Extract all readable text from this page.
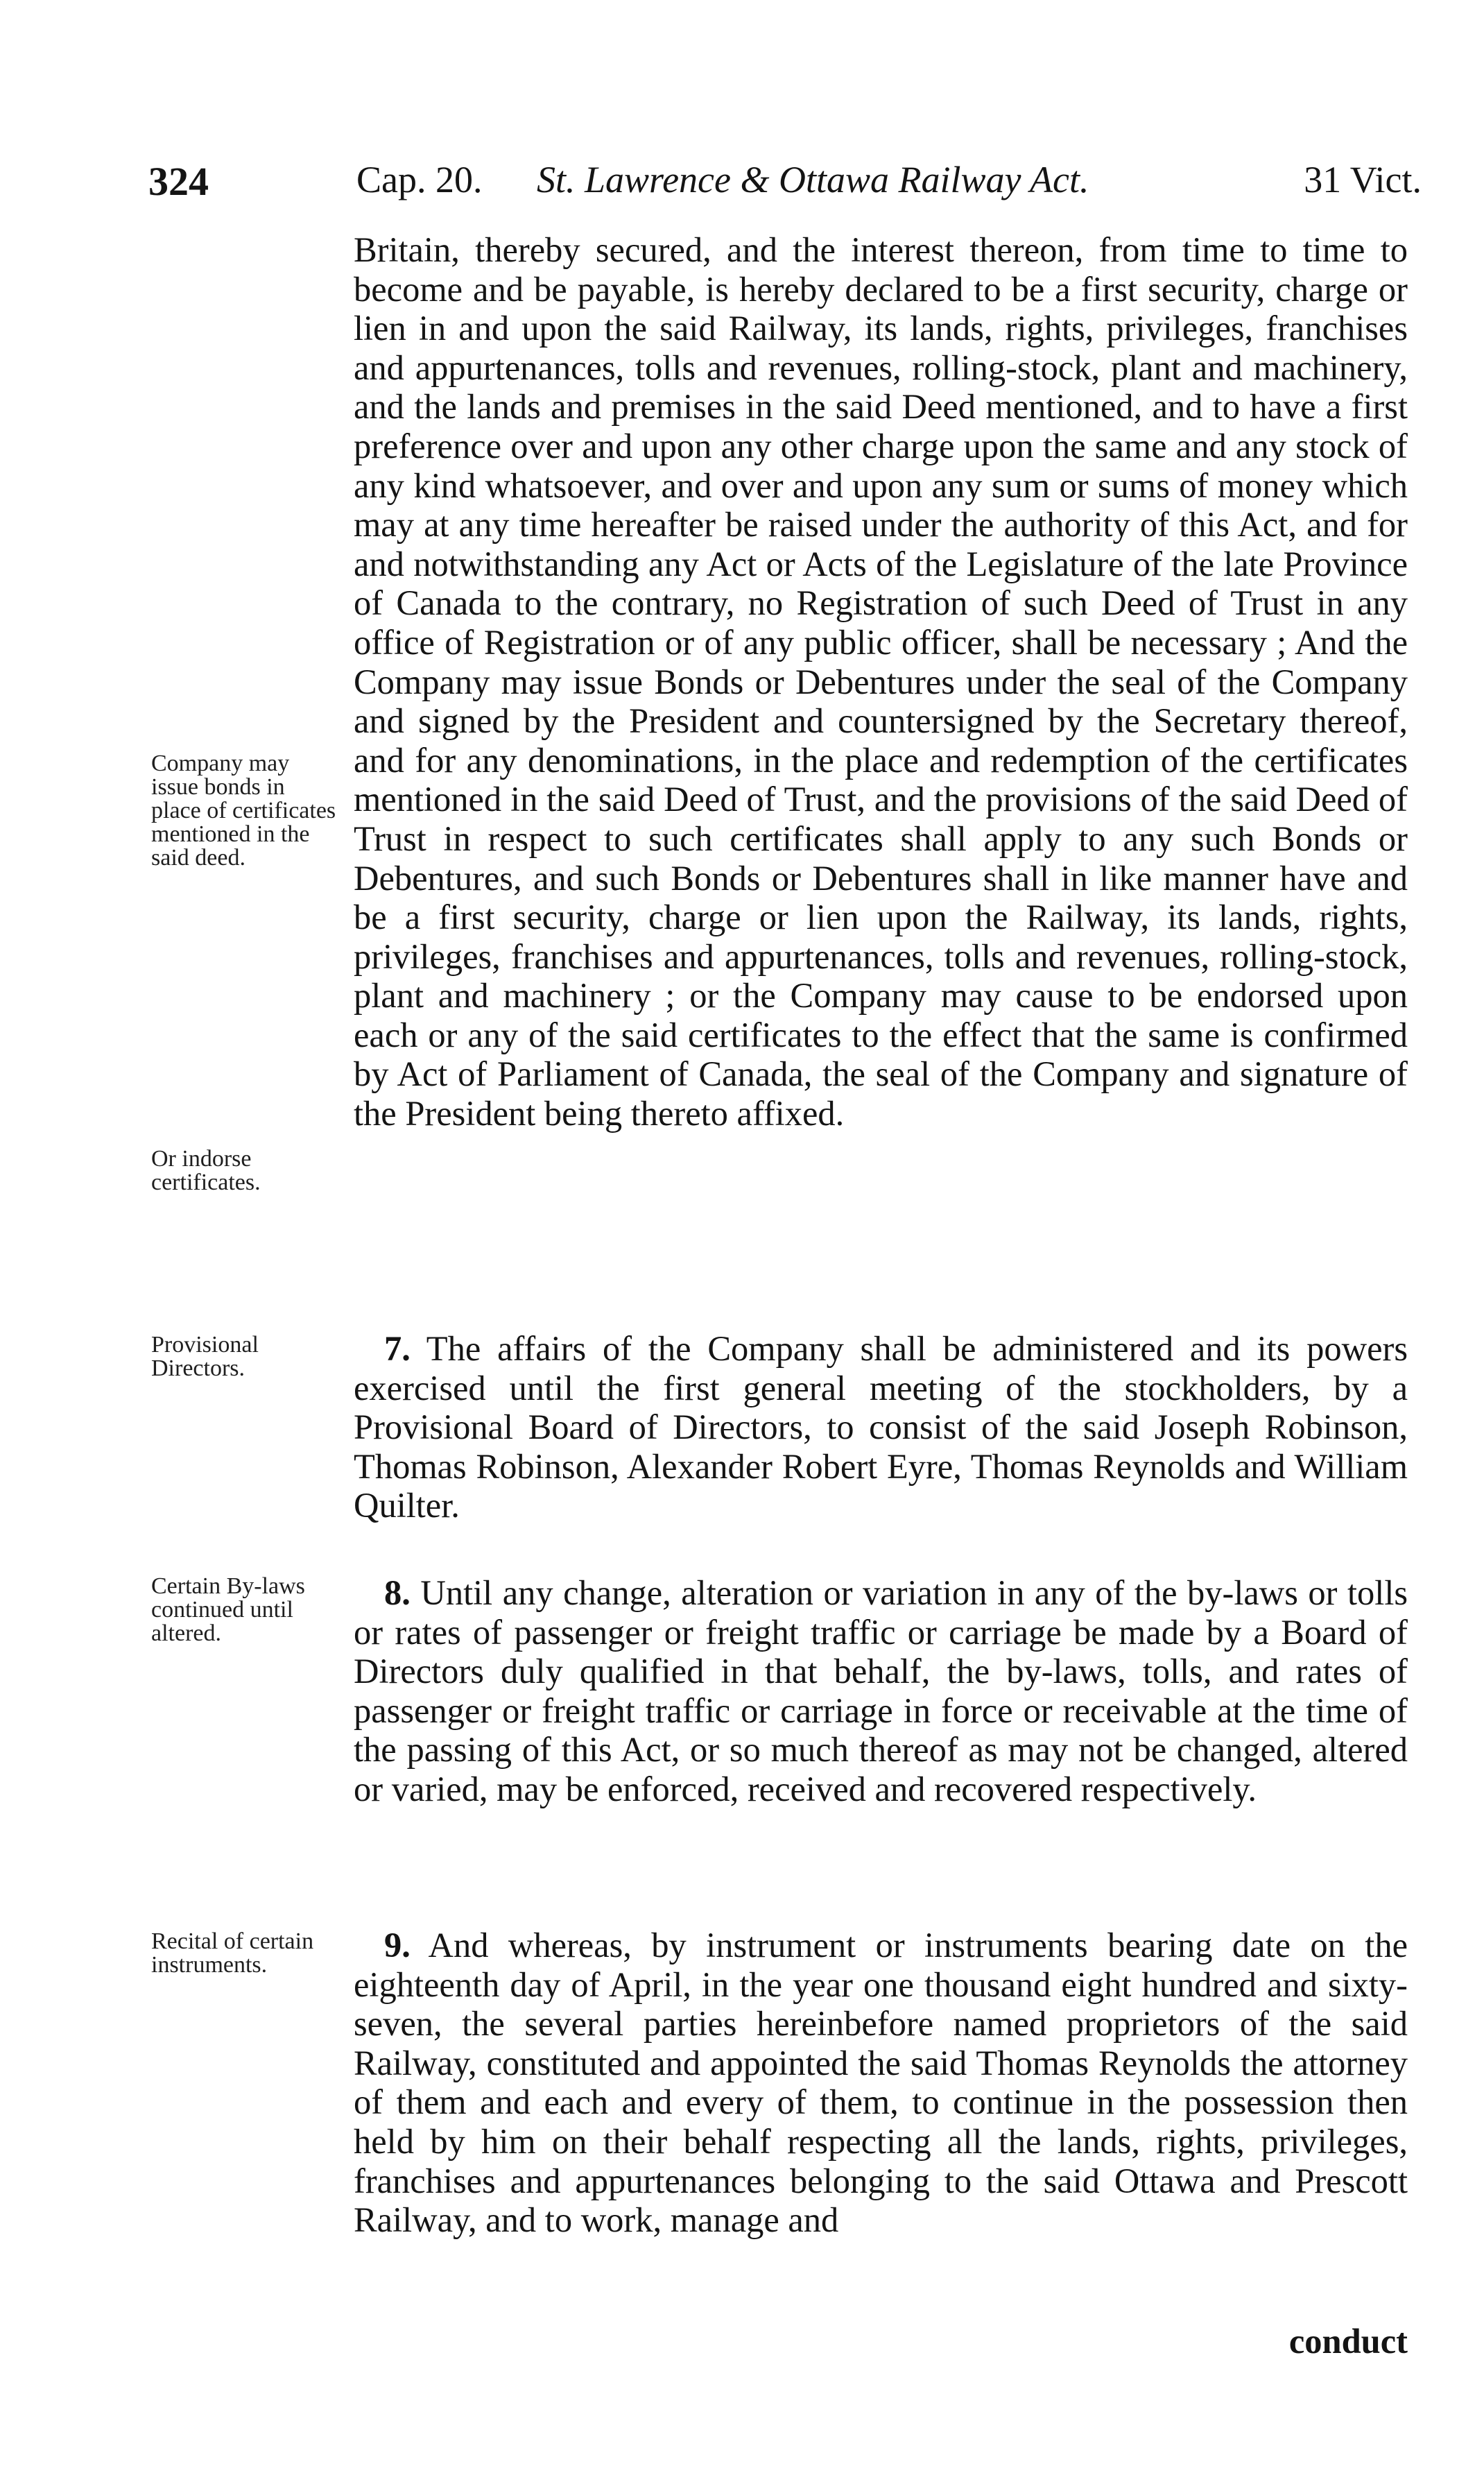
324	Cap. 20. St. Lawrence & Ottawa Railway Act.	31 Vict.
Company may issue bonds in place of certificates mentioned in the said deed.
Or indorse certificates.
Provisional Directors.
Certain By-laws continued until altered.
Recital of certain instruments.

Britain, thereby secured, and the interest thereon, from time to time to become and be payable, is hereby declared to be a first security, charge or lien in and upon the said Railway, its lands, rights, privileges, franchises and appurtenances, tolls and revenues, rolling-stock, plant and machinery, and the lands and premises in the said Deed mentioned, and to have a first preference over and upon any other charge upon the same and any stock of any kind whatsoever, and over and upon any sum or sums of money which may at any time hereafter be raised under the authority of this Act, and for and notwithstanding any Act or Acts of the Legislature of the late Province of Canada to the contrary, no Registration of such Deed of Trust in any office of Registration or of any public officer, shall be necessary ; And the Company may issue Bonds or Debentures under the seal of the Company and signed by the President and countersigned by the Secretary thereof, and for any denominations, in the place and redemption of the certificates mentioned in the said Deed of Trust, and the provisions of the said Deed of Trust in respect to such certificates shall apply to any such Bonds or Debentures, and such Bonds or Debentures shall in like manner have and be a first security, charge or lien upon the Railway, its lands, rights, privileges, franchises and appurtenances, tolls and revenues, rolling-stock, plant and machinery ; or the Company may cause to be endorsed upon each or any of the said certificates to the effect that the same is confirmed by Act of Parliament of Canada, the seal of the Company and signature of the President being thereto affixed.

7. The affairs of the Company shall be administered and its powers exercised until the first general meeting of the stockholders, by a Provisional Board of Directors, to consist of the said Joseph Robinson, Thomas Robinson, Alexander Robert Eyre, Thomas Reynolds and William Quilter.

8. Until any change, alteration or variation in any of the by-laws or tolls or rates of passenger or freight traffic or carriage be made by a Board of Directors duly qualified in that behalf, the by-laws, tolls, and rates of passenger or freight traffic or carriage in force or receivable at the time of the passing of this Act, or so much thereof as may not be changed, altered or varied, may be enforced, received and recovered respectively.

9. And whereas, by instrument or instruments bearing date on the eighteenth day of April, in the year one thousand eight hundred and sixty-seven, the several parties hereinbefore named proprietors of the said Railway, constituted and appointed the said Thomas Reynolds the attorney of them and each and every of them, to continue in the possession then held by him on their behalf respecting all the lands, rights, privileges, franchises and appurtenances belonging to the said Ottawa and Prescott Railway, and to work, manage and

conduct
